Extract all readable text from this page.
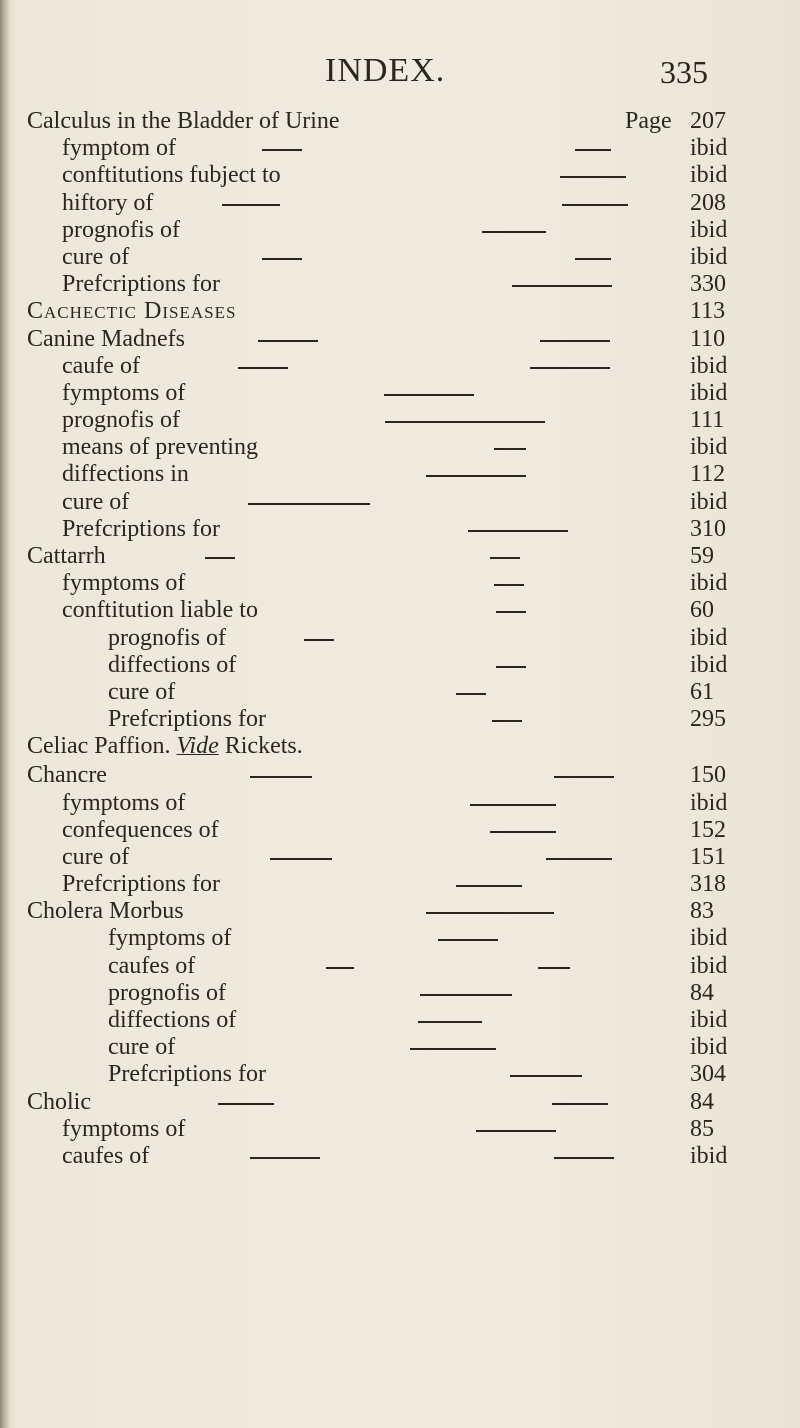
INDEX.	335
Calculus in the Bladder of Urine	Page 207
fymptom of	ibid
conftitutions fubject to	ibid
hiftory of	208
prognofis of	ibid
cure of	ibid
Prefcriptions for	330
Cachectic Diseases	113
Canine Madnefs	110
caufe of	ibid
fymptoms of	ibid
prognofis of	111
means of preventing	ibid
diffections in	112
cure of	ibid
Prefcriptions for	310
Cattarrh	59
fymptoms of	ibid
conftitution liable to	60
prognofis of	ibid
diffections of	ibid
cure of	61
Prefcriptions for	295
Celiac Paffion. Vide Rickets.
Chancre	150
fymptoms of	ibid
confequences of	152
cure of	151
Prefcriptions for	318
Cholera Morbus	83
fymptoms of	ibid
caufes of	ibid
prognofis of	84
diffections of	ibid
cure of	ibid
Prefcriptions for	304
Cholic	84
fymptoms of	85
caufes of	ibid
